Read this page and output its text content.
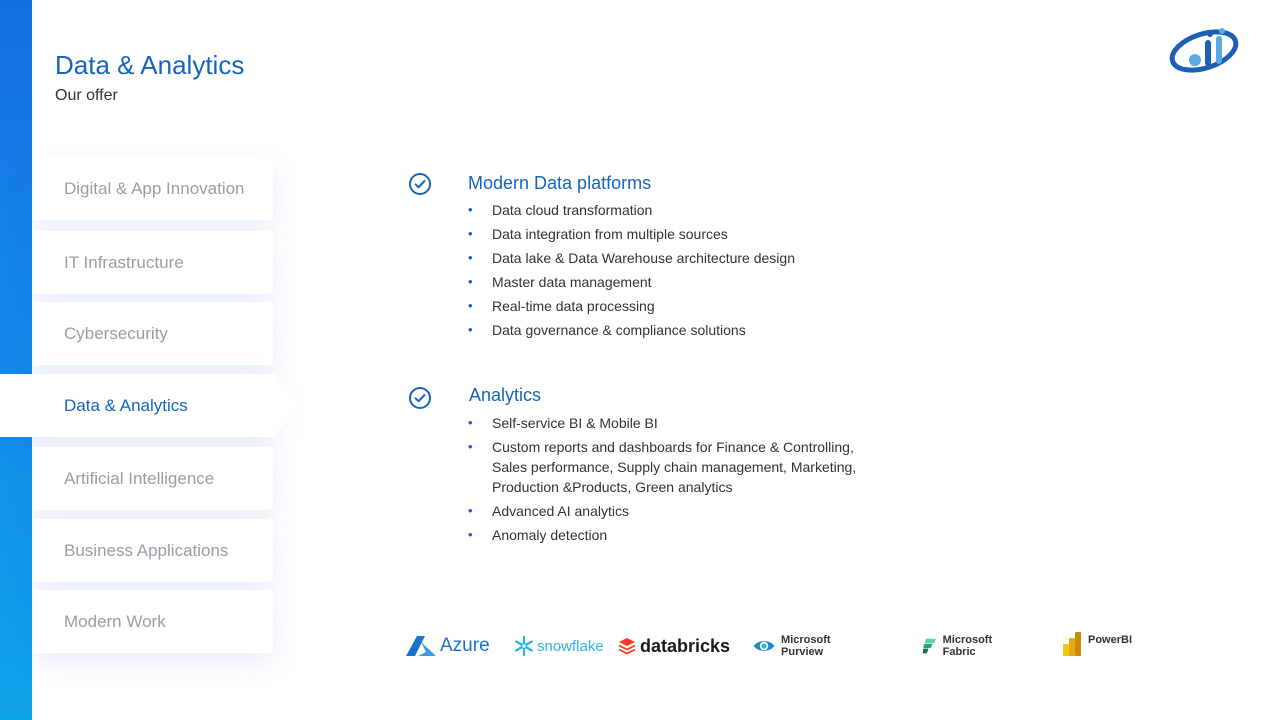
Data & Analytics

Our offer

Digital & App Innovation
IT Infrastructure
Cybersecurity
Data & Analytics
Artificial Intelligence
Business Applications
Modern Work
Modern Data platforms
• Data cloud transformation
• Data integration from multiple sources
• Data lake & Data Warehouse architecture design
• Master data management
• Real-time data processing
• Data governance & compliance solutions
Analytics
• Self-service BI & Mobile BI
• Custom reports and dashboards for Finance & Controlling, Sales performance, Supply chain management, Marketing, Production &Products, Green analytics
• Advanced AI analytics
• Anomaly detection
Azure	snowflake databricks	Microsoft Purview
Microsoft Fabric
PowerBI
